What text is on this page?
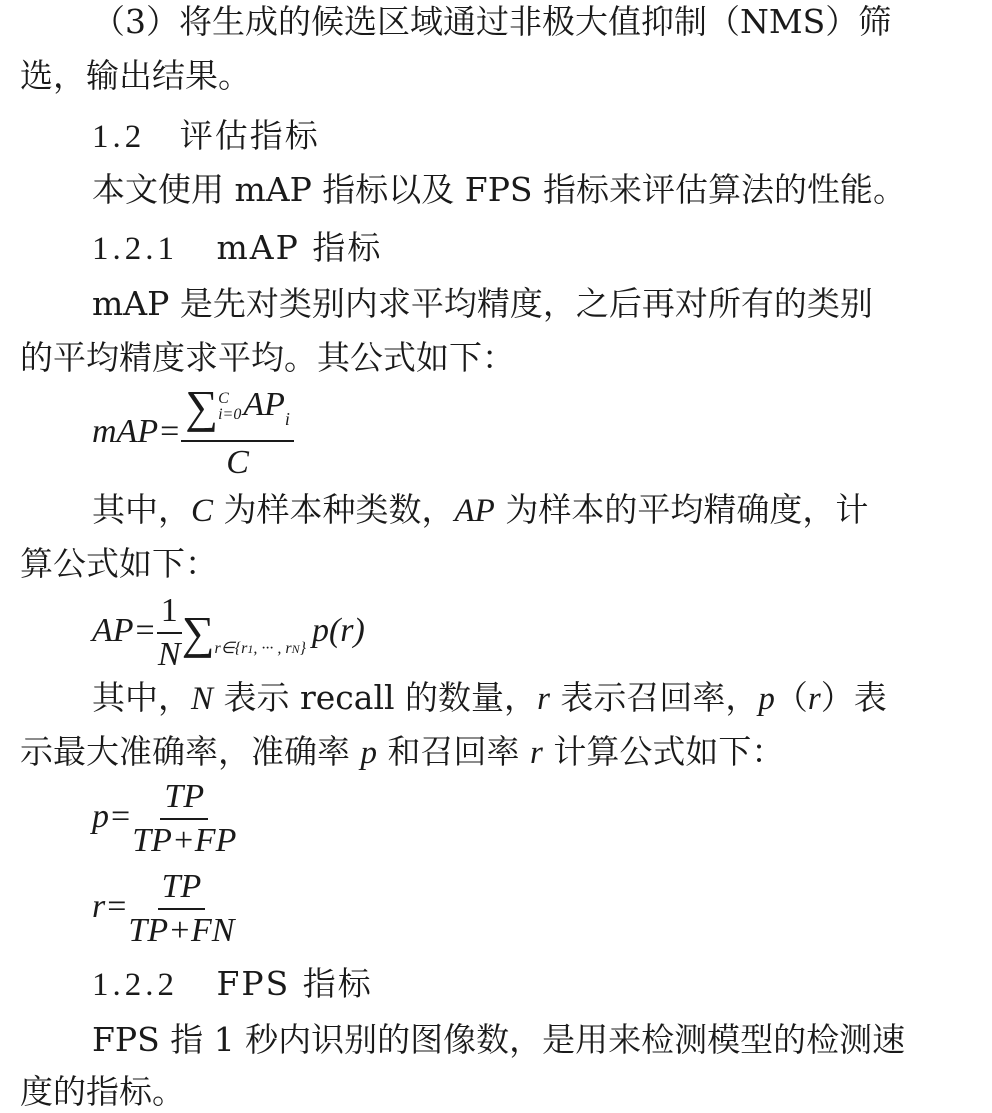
（3）将生成的候选区域通过非极大值抑制（NMS）筛
选，输出结果。
1.2 评估指标
本文使用 mAP 指标以及 FPS 指标来评估算法的性能。
1.2.1 mAP 指标
mAP 是先对类别内求平均精度，之后再对所有的类别
的平均精度求平均。其公式如下：
mAP= ∑ C
i=0 $AP_i$
C
其中，C 为样本种类数，AP 为样本的平均精确度，计
算公式如下：
$AP= \frac{1}{N} \sum_{r\in\{r1, \cdot\cdot\cdot , rN\}}$ p(r)
其中，N 表示 recall 的数量，r 表示召回率，p（r）表
示最大准确率，准确率 p 和召回率 r 计算公式如下：
$p= \frac{TP}{TP+FP}$
$r= \frac{TP}{TP+FN}$
1.2.2 FPS 指标
FPS 指 1 秒内识别的图像数，是用来检测模型的检测速
度的指标。
